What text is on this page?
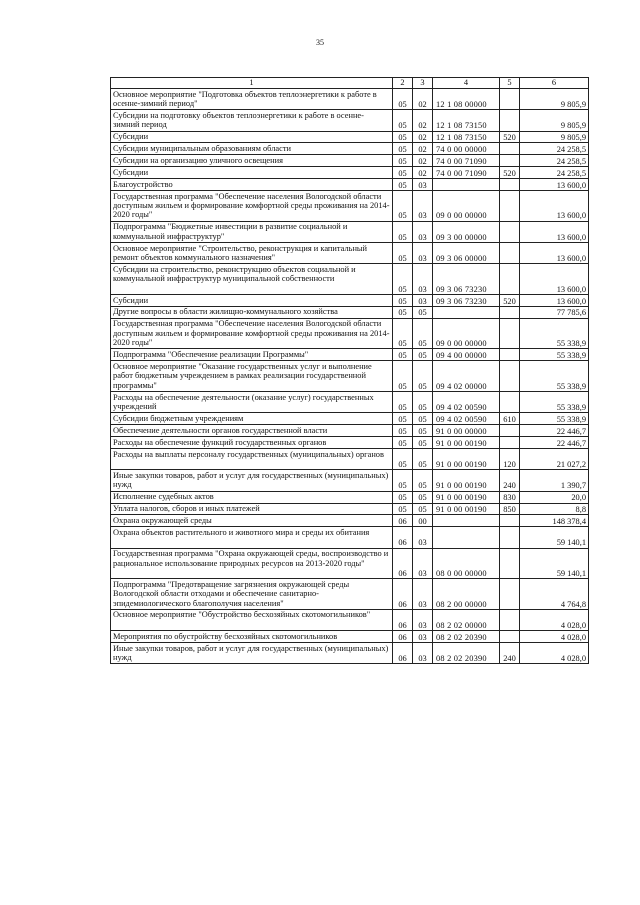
35
1	2	3	4	5	6
Основное мероприятие "Подготовка объектов теплоэнергетики к работе в осенне-зимний период"	05	02	12 1 08 00000		9 805,9
Субсидии на подготовку объектов теплоэнергетики к работе в осенне-зимний период	05	02	12 1 08 73150		9 805,9
Субсидии	05	02	12 1 08 73150	520	9 805,9
Субсидии муниципальным образованиям области	05	02	74 0 00 00000		24 258,5
Субсидии на организацию уличного освещения	05	02	74 0 00 71090		24 258,5
Субсидии	05	02	74 0 00 71090	520	24 258,5
Благоустройство	05	03			13 600,0
Государственная программа "Обеспечение населения Вологодской области доступным жильем и формирование комфортной среды проживания на 2014-2020 годы"	05	03	09 0 00 00000		13 600,0
Подпрограмма "Бюджетные инвестиции в развитие социальной и коммунальной инфраструктур"	05	03	09 3 00 00000		13 600,0
Основное мероприятие "Строительство, реконструкция и капитальный ремонт объектов коммунального назначения"	05	03	09 3 06 00000		13 600,0
Субсидии на строительство, реконструкцию объектов социальной и коммунальной инфраструктур муниципальной собственности	05	03	09 3 06 73230		13 600,0
Субсидии	05	03	09 3 06 73230	520	13 600,0
Другие вопросы в области жилищно-коммунального хозяйства	05	05			77 785,6
Государственная программа "Обеспечение населения Вологодской области доступным жильем и формирование комфортной среды проживания на 2014-2020 годы"	05	05	09 0 00 00000		55 338,9
Подпрограмма "Обеспечение реализации Программы"	05	05	09 4 00 00000		55 338,9
Основное мероприятие "Оказание государственных услуг и выполнение работ бюджетным учреждением в рамках реализации государственной программы"	05	05	09 4 02 00000		55 338,9
Расходы на обеспечение деятельности (оказание услуг) государственных учреждений	05	05	09 4 02 00590		55 338,9
Субсидии бюджетным учреждениям	05	05	09 4 02 00590	610	55 338,9
Обеспечение деятельности органов государственной власти	05	05	91 0 00 00000		22 446,7
Расходы на обеспечение функций государственных органов	05	05	91 0 00 00190		22 446,7
Расходы на выплаты персоналу государственных (муниципальных) органов	05	05	91 0 00 00190	120	21 027,2
Иные закупки товаров, работ и услуг для государственных (муниципальных) нужд	05	05	91 0 00 00190	240	1 390,7
Исполнение судебных актов	05	05	91 0 00 00190	830	20,0
Уплата налогов, сборов и иных платежей	05	05	91 0 00 00190	850	8,8
Охрана окружающей среды	06	00			148 378,4
Охрана объектов растительного и животного мира и среды их обитания	06	03			59 140,1
Государственная программа "Охрана окружающей среды, воспроизводство и рациональное использование природных ресурсов на 2013-2020 годы"	06	03	08 0 00 00000		59 140,1
Подпрограмма "Предотвращение загрязнения окружающей среды Вологодской области отходами и обеспечение санитарно-эпидемиологического благополучия населения"	06	03	08 2 00 00000		4 764,8
Основное мероприятие "Обустройство бесхозяйных скотомогильников"	06	03	08 2 02 00000		4 028,0
Мероприятия по обустройству бесхозяйных скотомогильников	06	03	08 2 02 20390		4 028,0
Иные закупки товаров, работ и услуг для государственных (муниципальных) нужд	06	03	08 2 02 20390	240	4 028,0
